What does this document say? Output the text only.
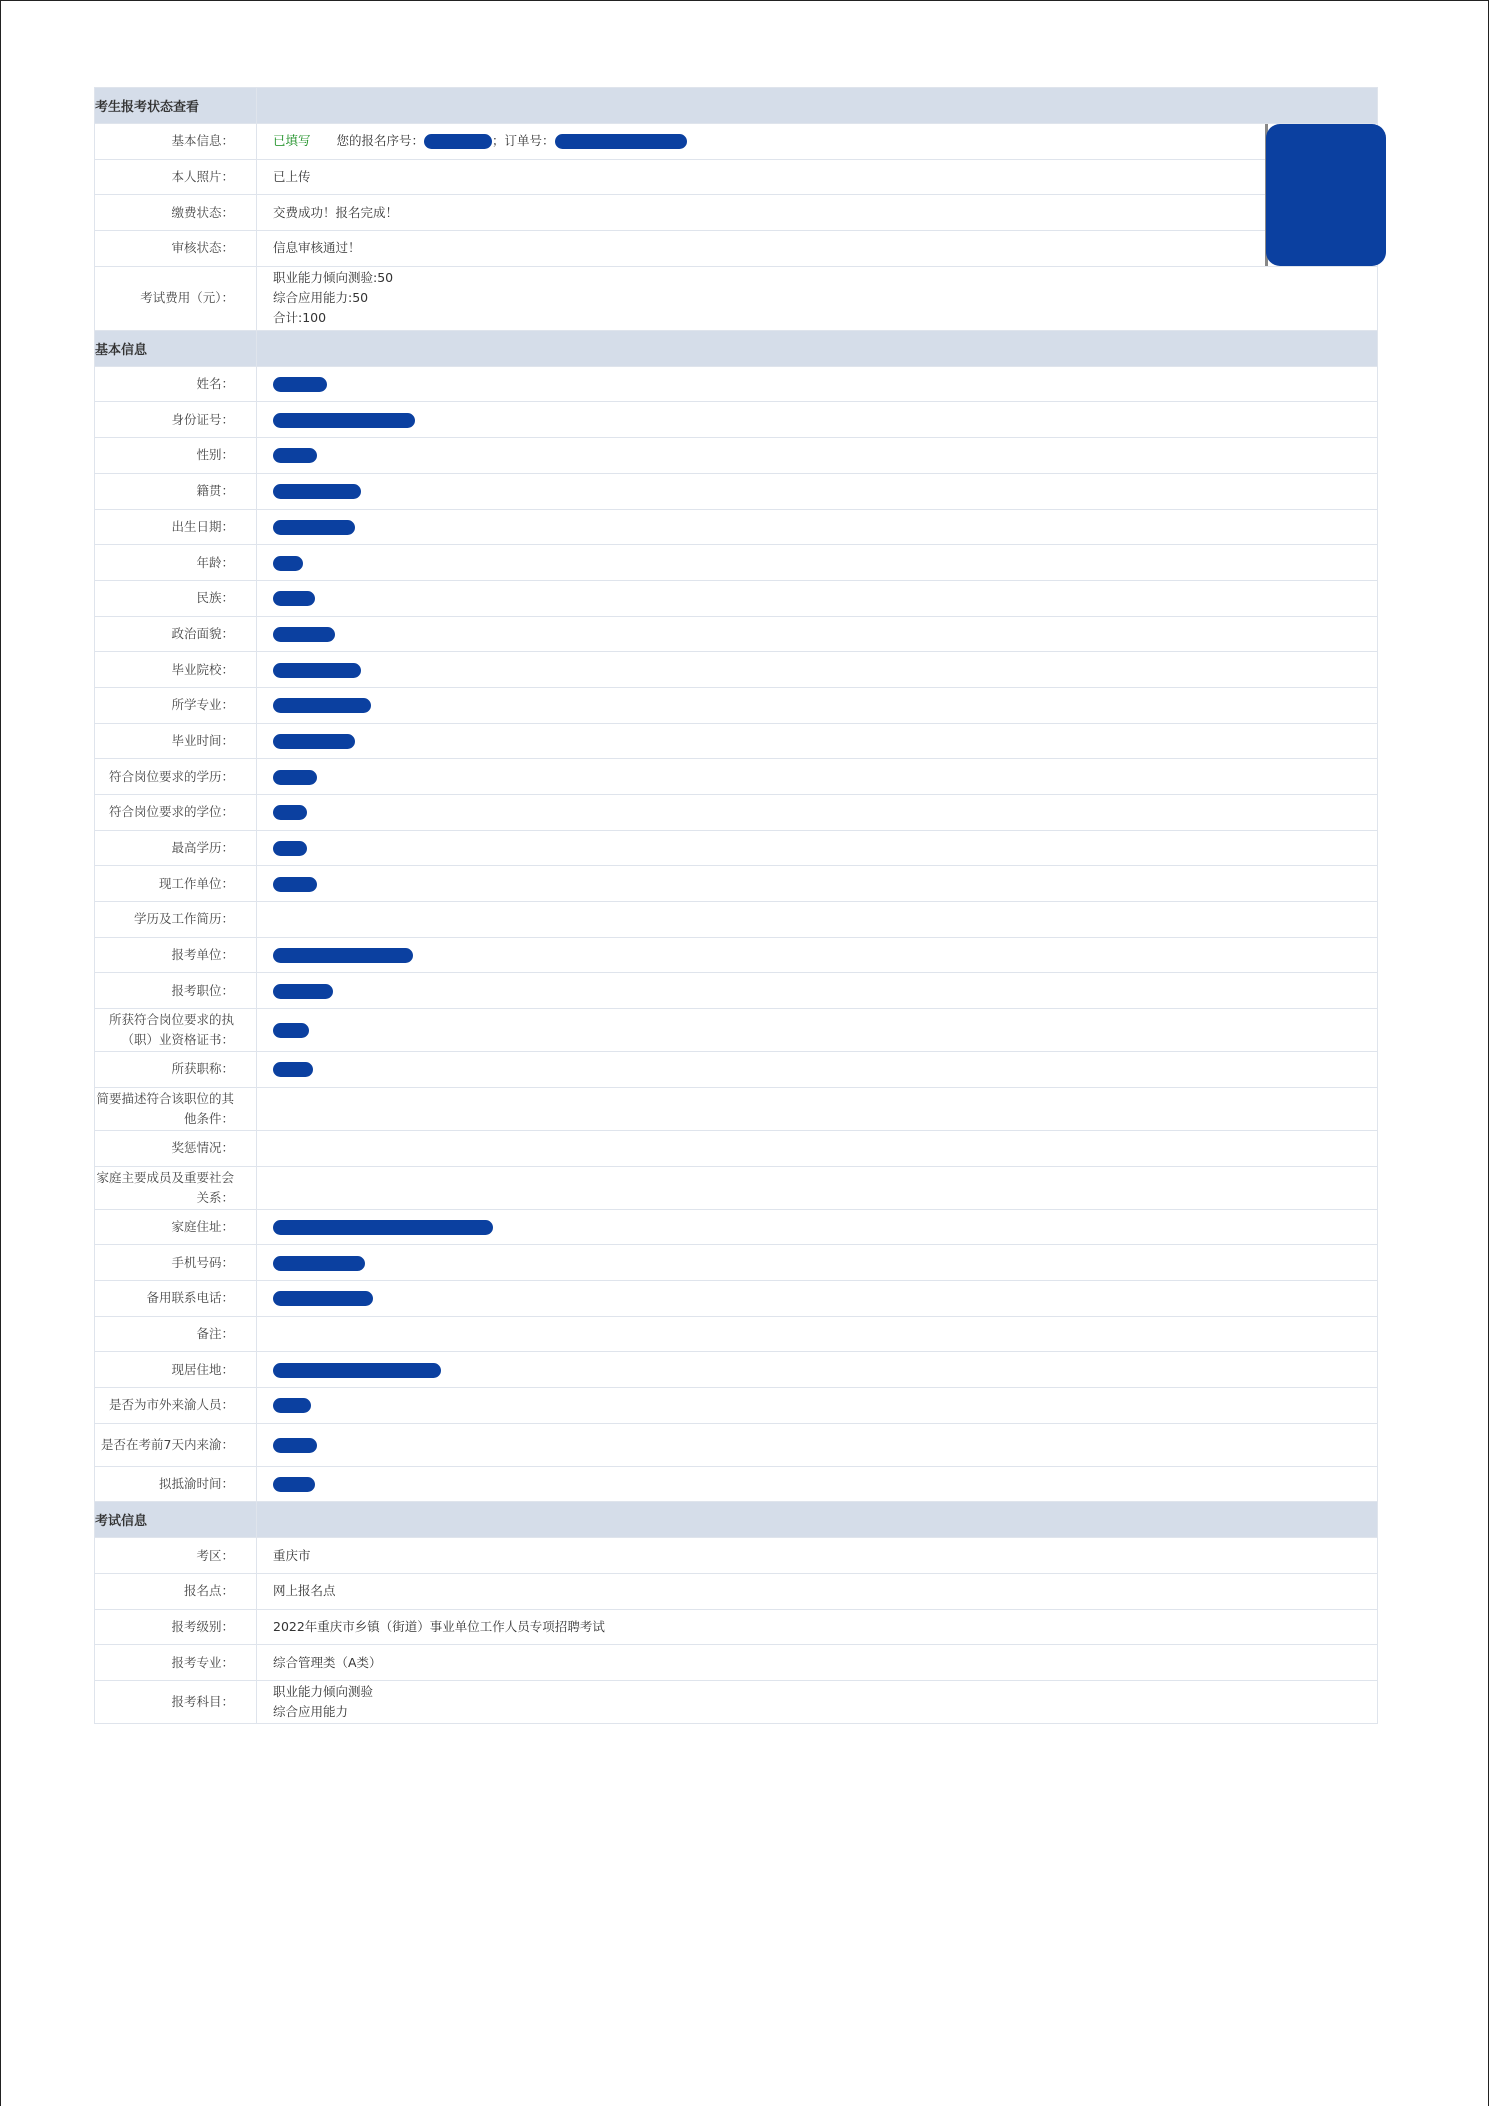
考生报考状态查看	
基本信息：	已填写 您的报名序号： ；订单号：
本人照片：	已上传
缴费状态：	交费成功！报名完成！
审核状态：	信息审核通过！
考试费用（元）：	职业能力倾向测验:50
综合应用能力:50
合计:100

基本信息	
姓名：	
身份证号：	
性别：	
籍贯：	
出生日期：	
年龄：	
民族：	
政治面貌：	
毕业院校：	
所学专业：	
毕业时间：	
符合岗位要求的学历：	
符合岗位要求的学位：	
最高学历：	
现工作单位：	
学历及工作简历：	
报考单位：	
报考职位：	
所获符合岗位要求的执（职）业资格证书：	
所获职称：	
简要描述符合该职位的其他条件：	
奖惩情况：	
家庭主要成员及重要社会关系：	
家庭住址：	
手机号码：	
备用联系电话：	
备注：	
现居住地：	
是否为市外来渝人员：	
是否在考前7天内来渝：	
拟抵渝时间：	
考试信息	
考区：	重庆市
报名点：	网上报名点
报考级别：	2022年重庆市乡镇（街道）事业单位工作人员专项招聘考试
报考专业：	综合管理类（A类）
报考科目：	职业能力倾向测验
综合应用能力
